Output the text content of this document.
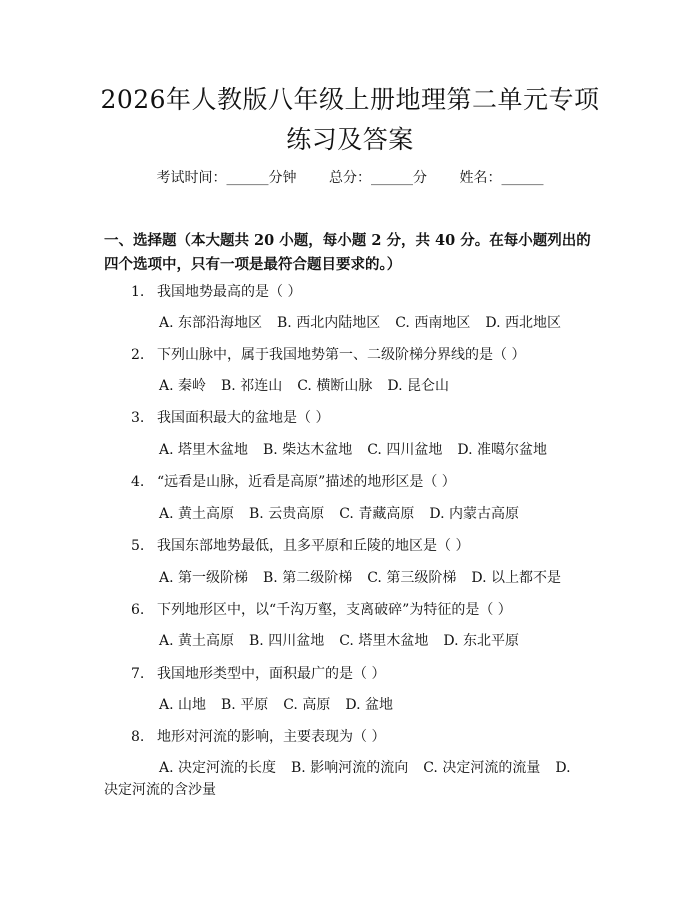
2026年人教版八年级上册地理第二单元专项
练习及答案
考试时间：______分钟 总分：______分 姓名：______
一、选择题（本大题共 20 小题，每小题 2 分，共 40 分。在每小题列出的四个选项中，只有一项是最符合题目要求的。）
1. 我国地势最高的是（ ）
A. 东部沿海地区 B. 西北内陆地区 C. 西南地区 D. 西北地区
2. 下列山脉中，属于我国地势第一、二级阶梯分界线的是（ ）
A. 秦岭 B. 祁连山 C. 横断山脉 D. 昆仑山
3. 我国面积最大的盆地是（ ）
A. 塔里木盆地 B. 柴达木盆地 C. 四川盆地 D. 准噶尔盆地
4. “远看是山脉，近看是高原”描述的地形区是（ ）
A. 黄土高原 B. 云贵高原 C. 青藏高原 D. 内蒙古高原
5. 我国东部地势最低，且多平原和丘陵的地区是（ ）
A. 第一级阶梯 B. 第二级阶梯 C. 第三级阶梯 D. 以上都不是
6. 下列地形区中，以“千沟万壑，支离破碎”为特征的是（ ）
A. 黄土高原 B. 四川盆地 C. 塔里木盆地 D. 东北平原
7. 我国地形类型中，面积最广的是（ ）
A. 山地 B. 平原 C. 高原 D. 盆地
8. 地形对河流的影响，主要表现为（ ）
A. 决定河流的长度 B. 影响河流的流向 C. 决定河流的流量 D. 决定河流的含沙量
